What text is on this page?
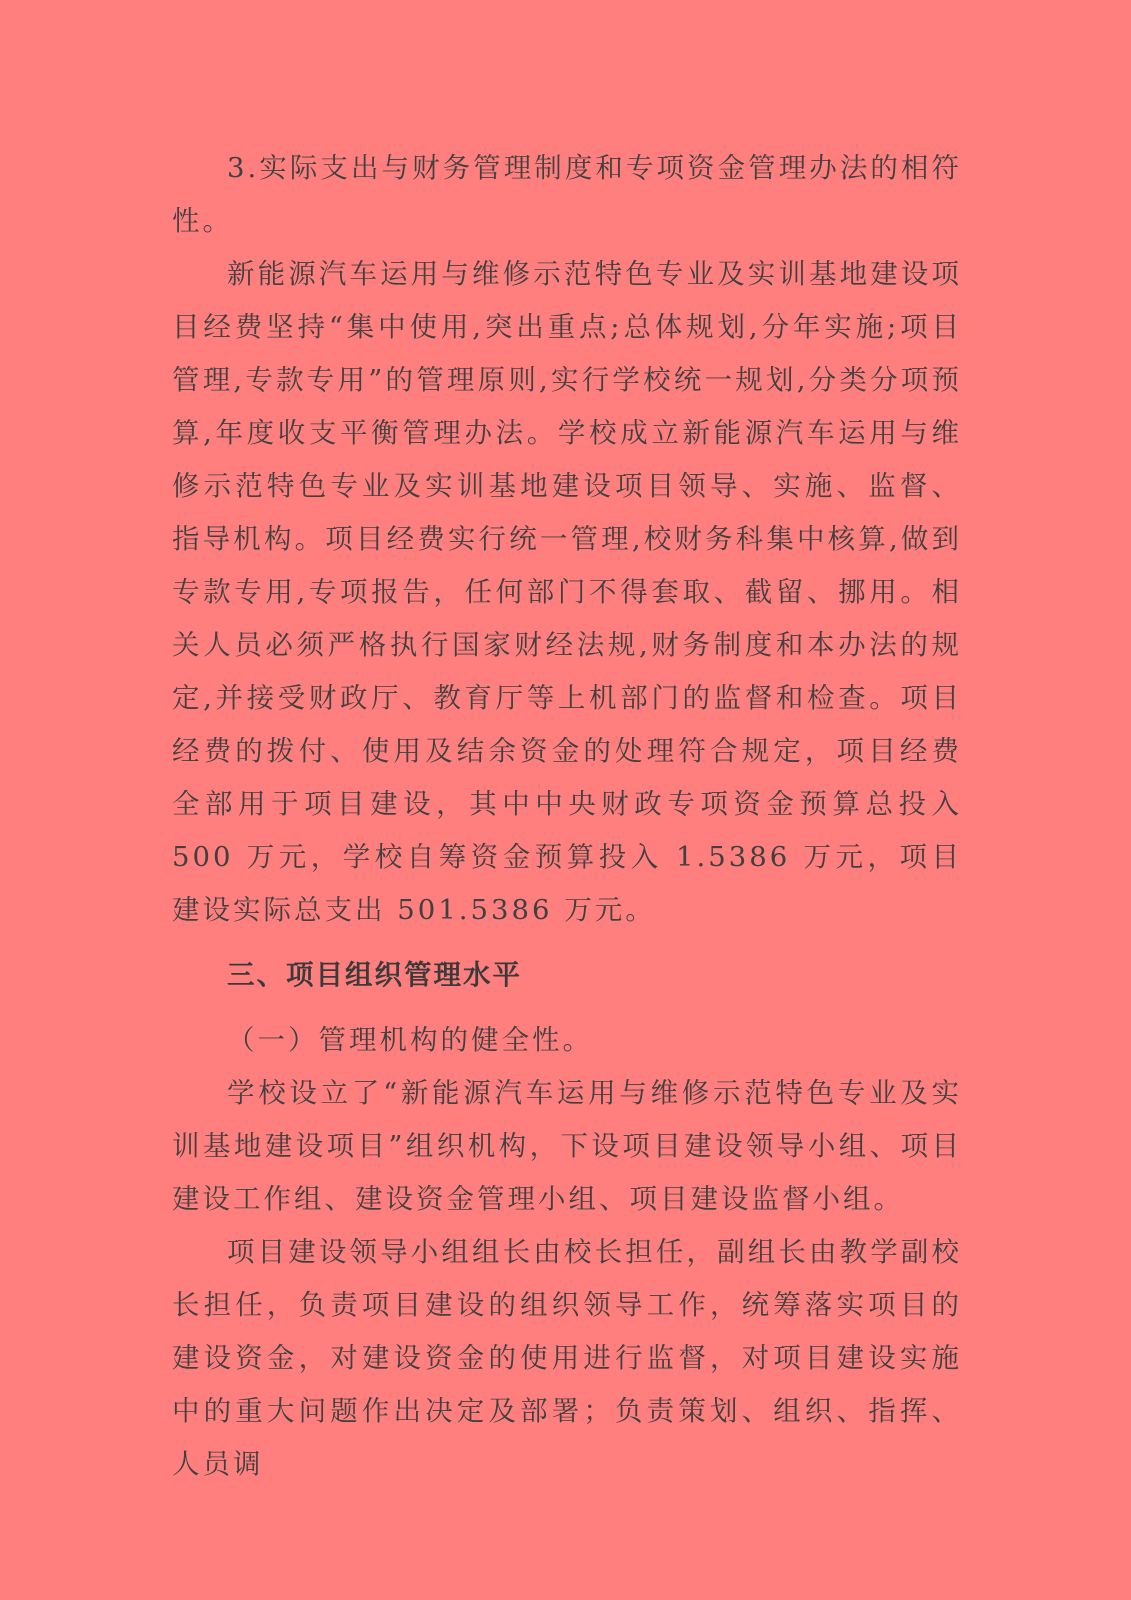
3.实际支出与财务管理制度和专项资金管理办法的相符性。

新能源汽车运用与维修示范特色专业及实训基地建设项目经费坚持“集中使用,突出重点;总体规划,分年实施;项目管理,专款专用”的管理原则,实行学校统一规划,分类分项预算,年度收支平衡管理办法。学校成立新能源汽车运用与维修示范特色专业及实训基地建设项目领导、实施、监督、指导机构。项目经费实行统一管理,校财务科集中核算,做到专款专用,专项报告，任何部门不得套取、截留、挪用。相关人员必须严格执行国家财经法规,财务制度和本办法的规定,并接受财政厅、教育厅等上机部门的监督和检查。项目经费的拨付、使用及结余资金的处理符合规定，项目经费全部用于项目建设，其中中央财政专项资金预算总投入 500 万元，学校自筹资金预算投入 1.5386 万元，项目建设实际总支出 501.5386 万元。

三、项目组织管理水平

（一）管理机构的健全性。

学校设立了“新能源汽车运用与维修示范特色专业及实训基地建设项目”组织机构，下设项目建设领导小组、项目建设工作组、建设资金管理小组、项目建设监督小组。

项目建设领导小组组长由校长担任，副组长由教学副校长担任，负责项目建设的组织领导工作，统筹落实项目的建设资金，对建设资金的使用进行监督，对项目建设实施中的重大问题作出决定及部署；负责策划、组织、指挥、人员调
